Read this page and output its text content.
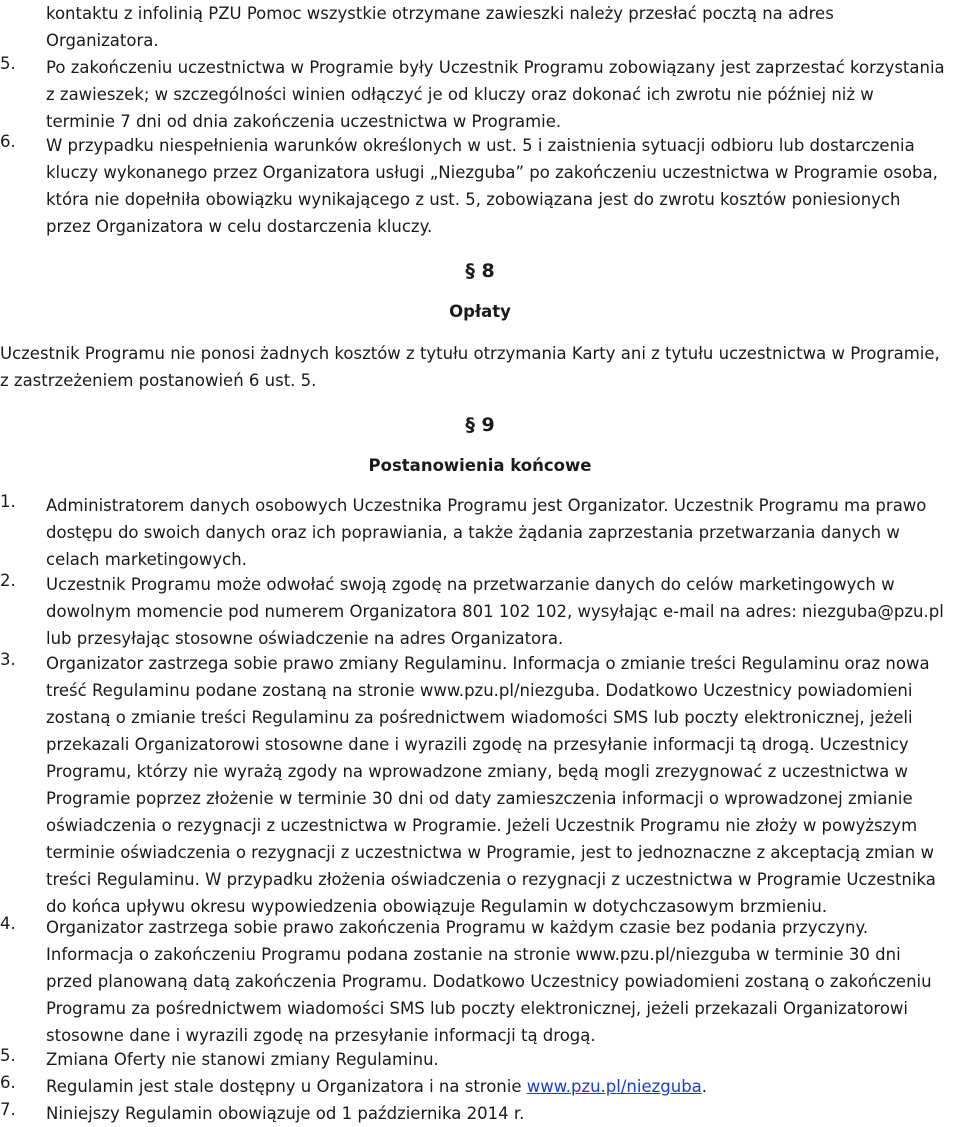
kontaktu z infolinią PZU Pomoc wszystkie otrzymane zawieszki należy przesłać pocztą na adres

Organizatora.

5. Po zakończeniu uczestnictwa w Programie były Uczestnik Programu zobowiązany jest zaprzestać korzystania

z zawieszek; w szczególności winien odłączyć je od kluczy oraz dokonać ich zwrotu nie później niż w

terminie 7 dni od dnia zakończenia uczestnictwa w Programie.

6. W przypadku niespełnienia warunków określonych w ust. 5 i zaistnienia sytuacji odbioru lub dostarczenia

kluczy wykonanego przez Organizatora usługi „Niezguba” po zakończeniu uczestnictwa w Programie osoba,

która nie dopełniła obowiązku wynikającego z ust. 5, zobowiązana jest do zwrotu kosztów poniesionych

przez Organizatora w celu dostarczenia kluczy.

§ 8
Opłaty

Uczestnik Programu nie ponosi żadnych kosztów z tytułu otrzymania Karty ani z tytułu uczestnictwa w Programie,

z zastrzeżeniem postanowień 6 ust. 5.

§ 9
Postanowienia końcowe
1. Administratorem danych osobowych Uczestnika Programu jest Organizator. Uczestnik Programu ma prawo

dostępu do swoich danych oraz ich poprawiania, a także żądania zaprzestania przetwarzania danych w

celach marketingowych.

2. Uczestnik Programu może odwołać swoją zgodę na przetwarzanie danych do celów marketingowych w

dowolnym momencie pod numerem Organizatora 801 102 102, wysyłając e-mail na adres: niezguba@pzu.pl

lub przesyłając stosowne oświadczenie na adres Organizatora.

3. Organizator zastrzega sobie prawo zmiany Regulaminu. Informacja o zmianie treści Regulaminu oraz nowa

treść Regulaminu podane zostaną na stronie www.pzu.pl/niezguba. Dodatkowo Uczestnicy powiadomieni

zostaną o zmianie treści Regulaminu za pośrednictwem wiadomości SMS lub poczty elektronicznej, jeżeli

przekazali Organizatorowi stosowne dane i wyrazili zgodę na przesyłanie informacji tą drogą. Uczestnicy

Programu, którzy nie wyrażą zgody na wprowadzone zmiany, będą mogli zrezygnować z uczestnictwa w

Programie poprzez złożenie w terminie 30 dni od daty zamieszczenia informacji o wprowadzonej zmianie

oświadczenia o rezygnacji z uczestnictwa w Programie. Jeżeli Uczestnik Programu nie złoży w powyższym

terminie oświadczenia o rezygnacji z uczestnictwa w Programie, jest to jednoznaczne z akceptacją zmian w

treści Regulaminu. W przypadku złożenia oświadczenia o rezygnacji z uczestnictwa w Programie Uczestnika

do końca upływu okresu wypowiedzenia obowiązuje Regulamin w dotychczasowym brzmieniu.

4. Organizator zastrzega sobie prawo zakończenia Programu w każdym czasie bez podania przyczyny.

Informacja o zakończeniu Programu podana zostanie na stronie www.pzu.pl/niezguba w terminie 30 dni

przed planowaną datą zakończenia Programu. Dodatkowo Uczestnicy powiadomieni zostaną o zakończeniu

Programu za pośrednictwem wiadomości SMS lub poczty elektronicznej, jeżeli przekazali Organizatorowi

stosowne dane i wyrazili zgodę na przesyłanie informacji tą drogą.

5. Zmiana Oferty nie stanowi zmiany Regulaminu.

6. Regulamin jest stale dostępny u Organizatora i na stronie www.pzu.pl/niezguba.

7. Niniejszy Regulamin obowiązuje od 1 października 2014 r.
